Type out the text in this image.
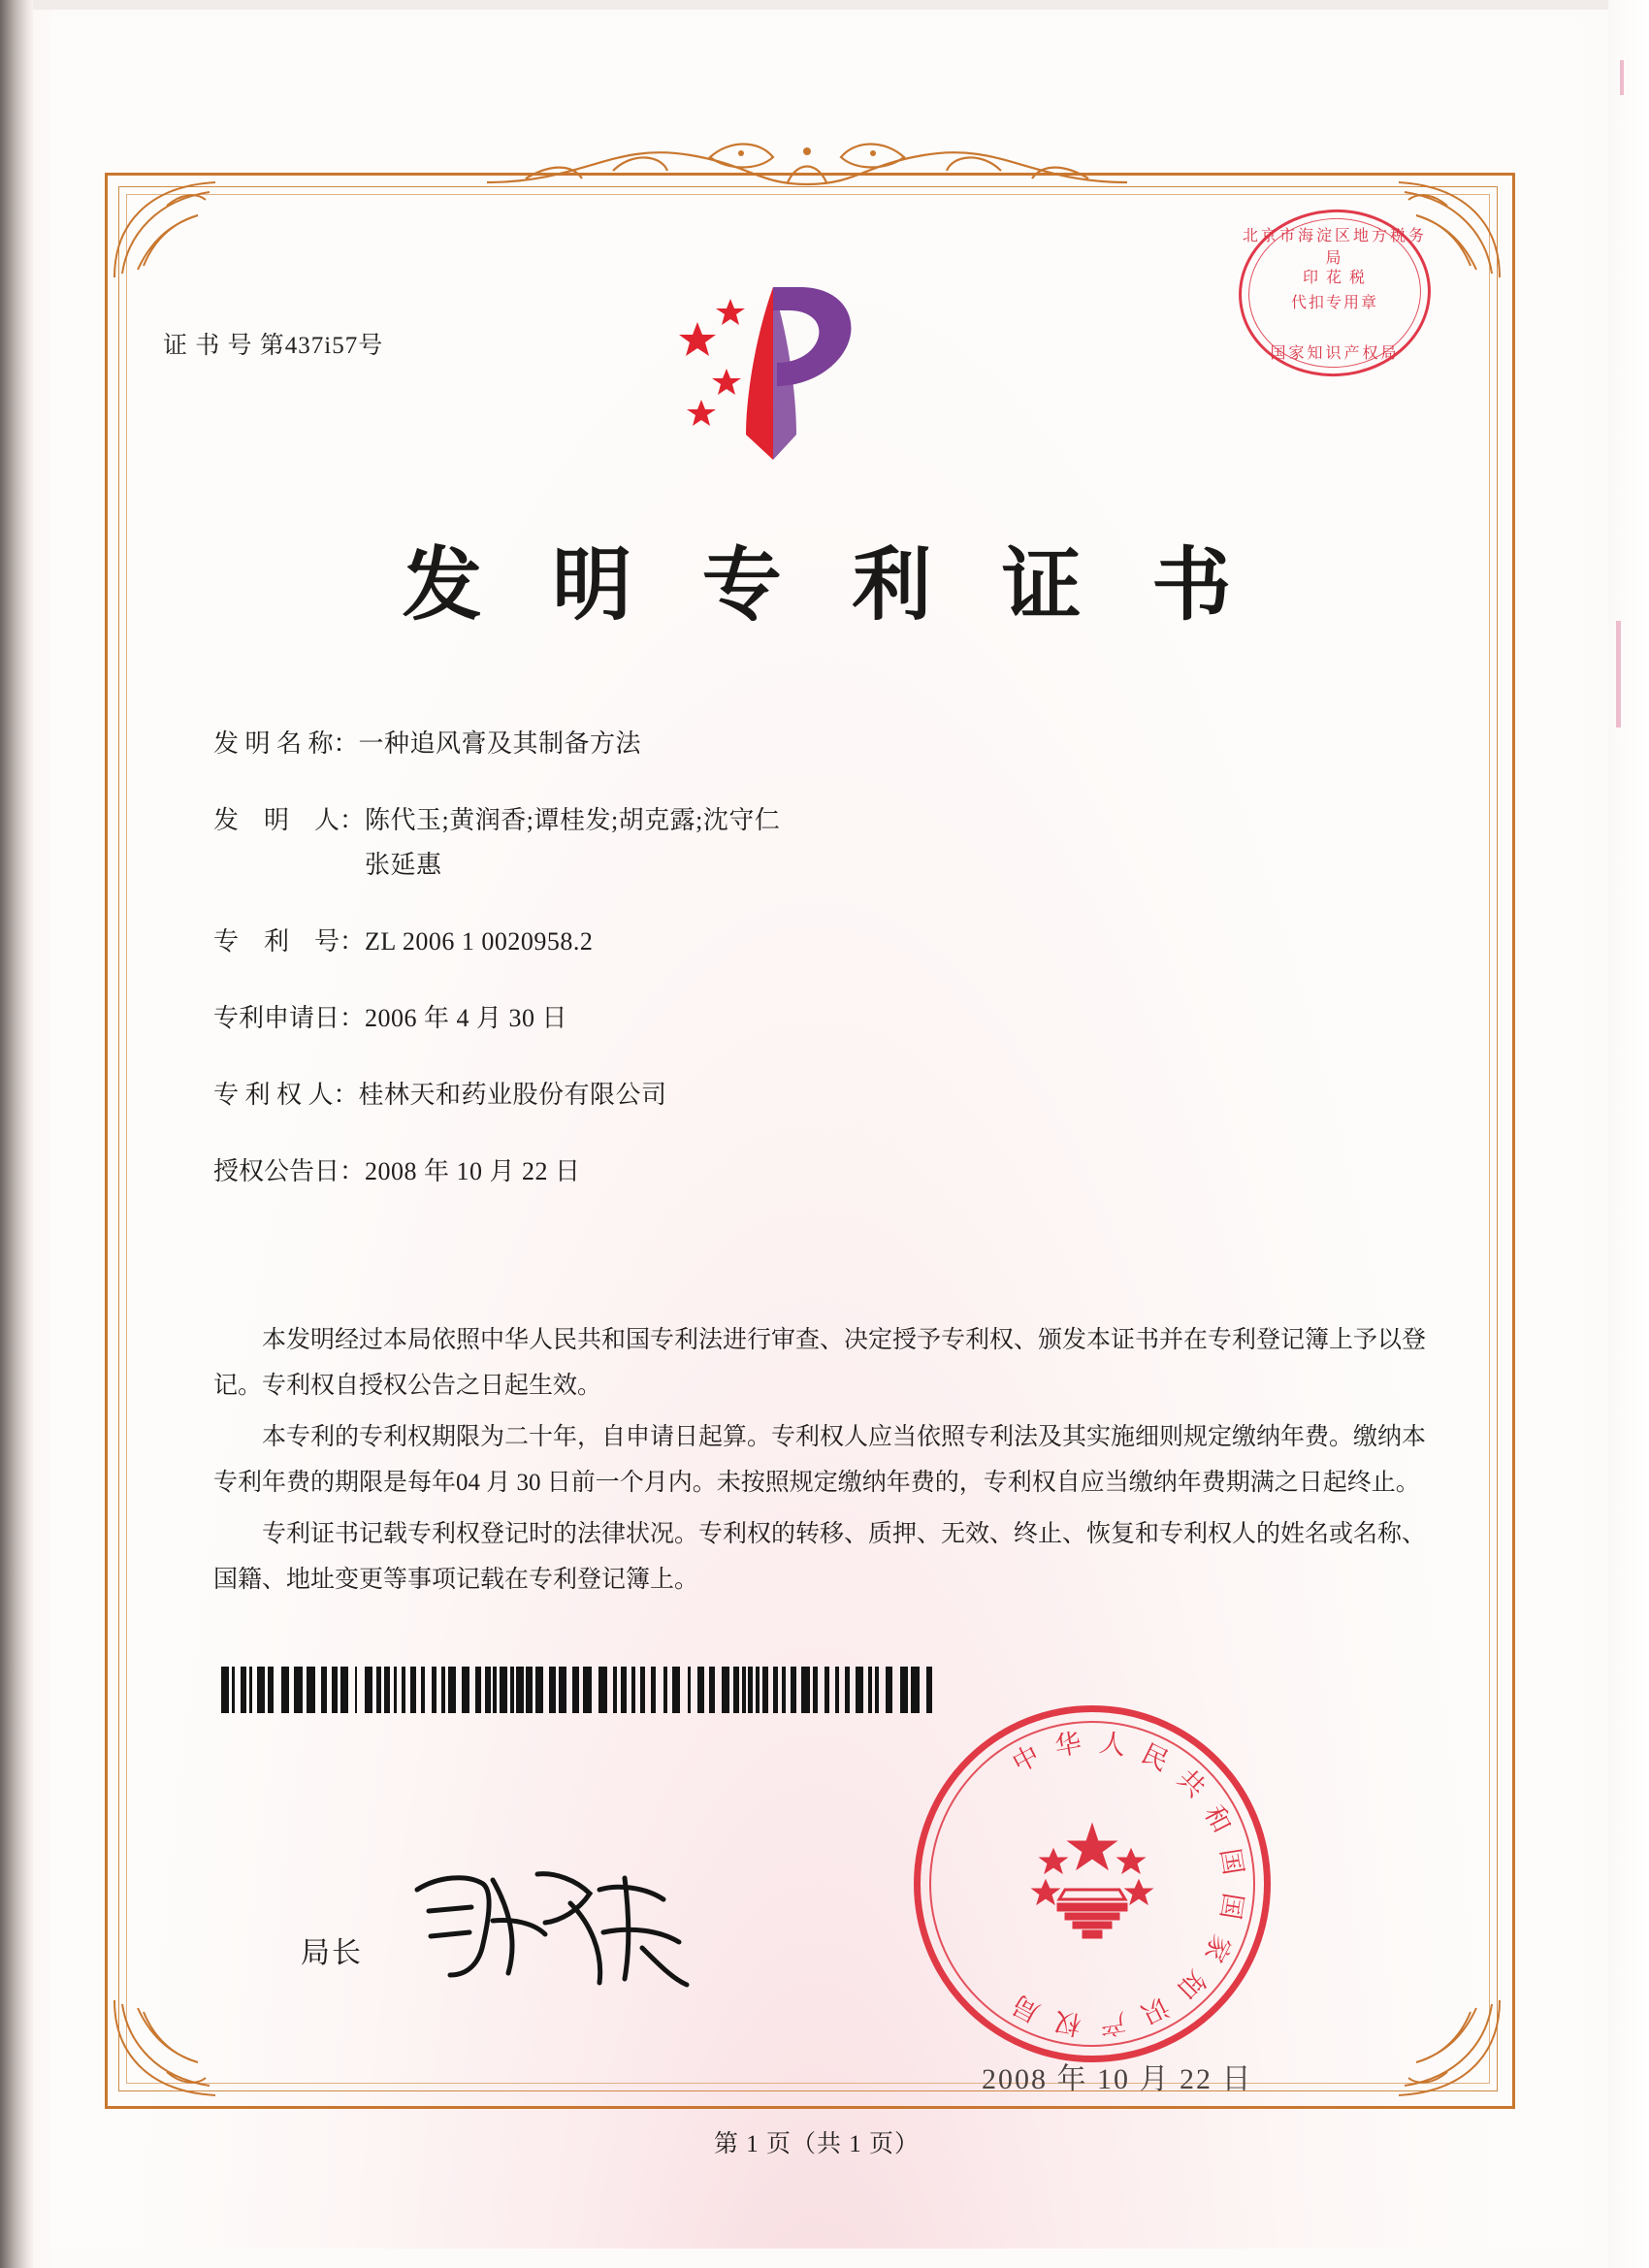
证 书 号 第437i57号
北京市海淀区地方税务局
印 花 税
代扣专用章
国家知识产权局
发 明 专 利 证 书
发 明 名 称： 一种追风膏及其制备方法
发    明    人： 陈代玉;黄润香;谭桂发;胡克露;沈守仁
张延惠
专    利    号： ZL 2006 1 0020958.2
专利申请日： 2006 年 4 月 30 日
专 利 权 人： 桂林天和药业股份有限公司
授权公告日： 2008 年 10 月 22 日

本发明经过本局依照中华人民共和国专利法进行审查、决定授予专利权、颁发本证书并在专利登记簿上予以登记。专利权自授权公告之日起生效。

本专利的专利权期限为二十年，自申请日起算。专利权人应当依照专利法及其实施细则规定缴纳年费。缴纳本专利年费的期限是每年04 月 30 日前一个月内。未按照规定缴纳年费的，专利权自应当缴纳年费期满之日起终止。

专利证书记载专利权登记时的法律状况。专利权的转移、质押、无效、终止、恢复和专利权人的姓名或名称、国籍、地址变更等事项记载在专利登记簿上。

中 华 人 民
共
和
国
国
家
知
识
产
权
局
2008 年 10 月 22 日
局长
第 1 页（共 1 页）
